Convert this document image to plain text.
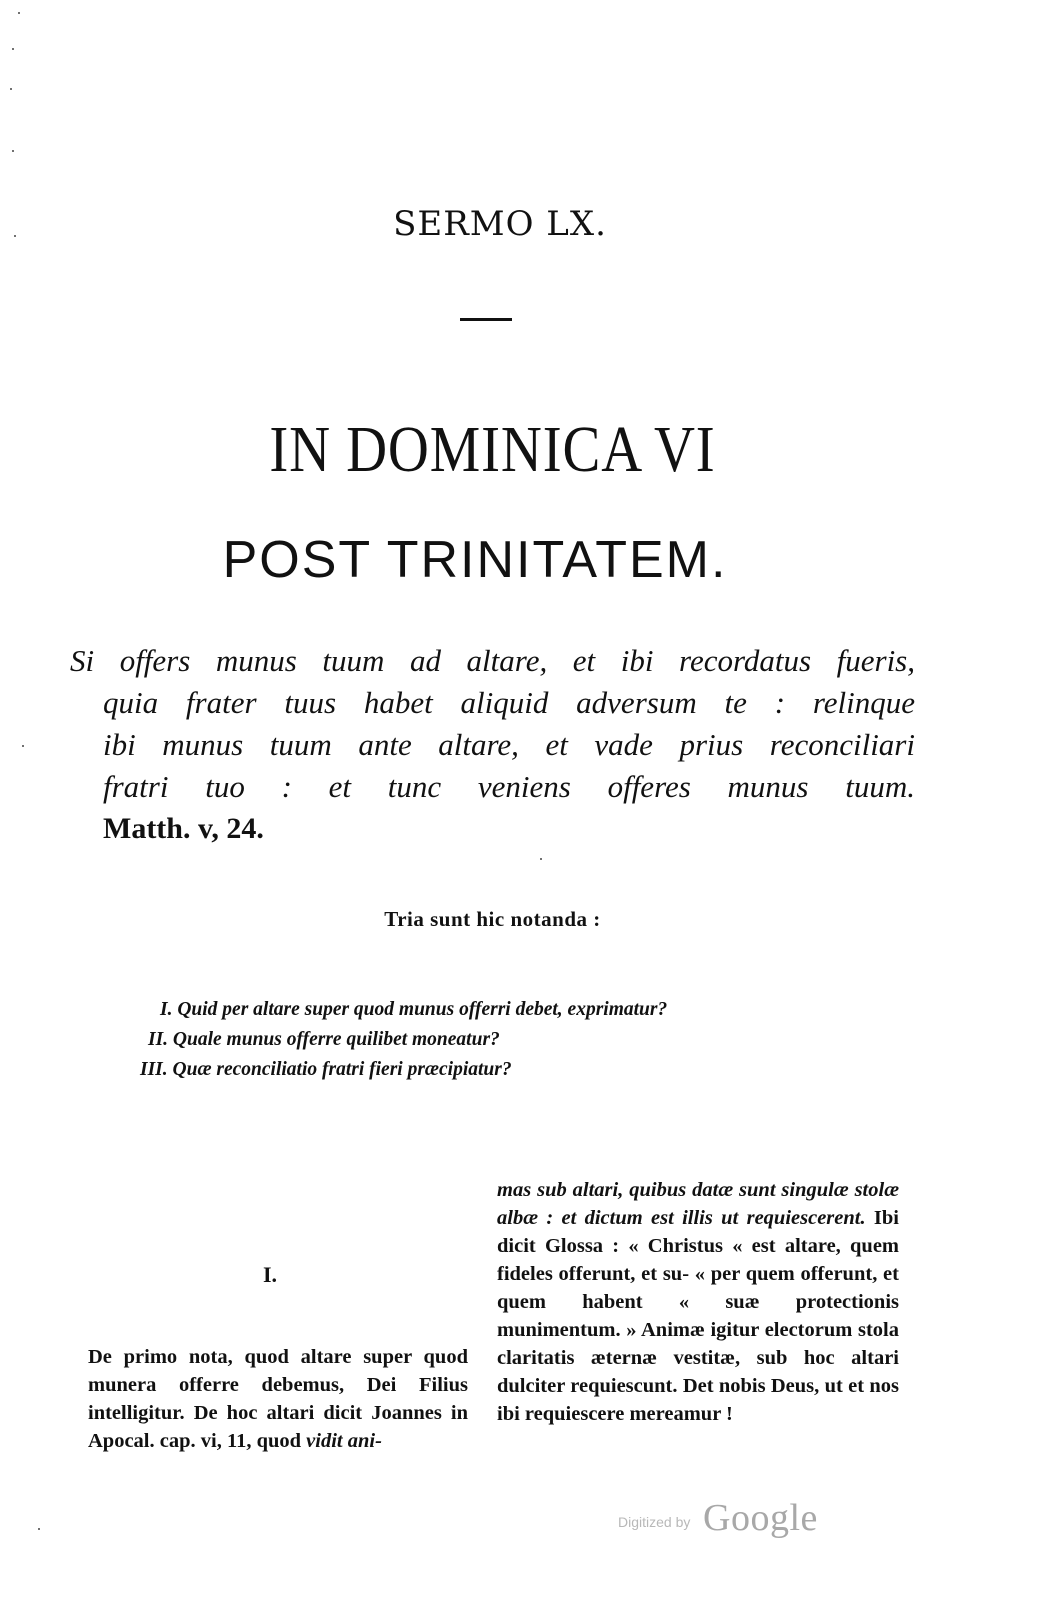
SERMO LX.
IN DOMINICA VI
POST TRINITATEM.
Si offers munus tuum ad altare, et ibi recordatus fueris,
quia frater tuus habet aliquid adversum te : relinque
ibi munus tuum ante altare, et vade prius reconciliari
fratri tuo : et tunc veniens offeres munus tuum.
Matth. v, 24.
Tria sunt hic notanda :
I. Quid per altare super quod munus offerri debet, exprimatur?
II. Quale munus offerre quilibet moneatur?
III. Quæ reconciliatio fratri fieri præcipiatur?
I.
De primo nota, quod altare super quod munera offerre debemus, Dei Filius intelligitur. De hoc altari dicit Joannes in Apocal. cap. vi, 11, quod vidit ani-
mas sub altari, quibus datæ sunt singulæ stolæ albæ : et dictum est illis ut requiescerent. Ibi dicit Glossa : « Christus « est altare, quem fideles offerunt, et su- « per quem offerunt, et quem habent « suæ protectionis munimentum. » Animæ igitur electorum stola claritatis æternæ vestitæ, sub hoc altari dulciter requiescunt. Det nobis Deus, ut et nos ibi requiescere mereamur !
Digitized by Google
